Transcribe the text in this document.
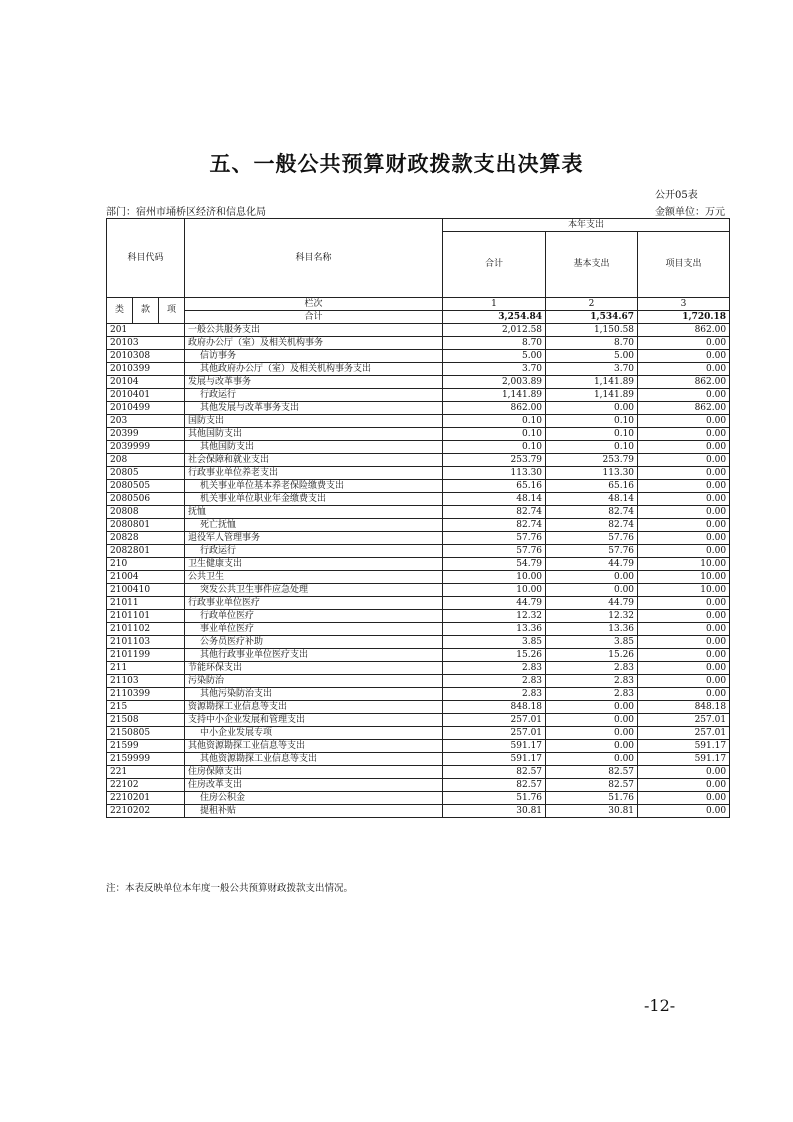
五、一般公共预算财政拨款支出决算表
公开05表
部门：宿州市埇桥区经济和信息化局	金额单位：万元
科目代码			科目名称	本年支出		
				合计	基本支出	项目支出
类	款	项	栏次	1	2	3
			合计	3,254.84	1,534.67	1,720.18
201			一般公共服务支出	2,012.58	1,150.58	862.00
20103			政府办公厅（室）及相关机构事务	8.70	8.70	0.00
2010308			信访事务	5.00	5.00	0.00
2010399			其他政府办公厅（室）及相关机构事务支出	3.70	3.70	0.00
20104			发展与改革事务	2,003.89	1,141.89	862.00
2010401			行政运行	1,141.89	1,141.89	0.00
2010499			其他发展与改革事务支出	862.00	0.00	862.00
203			国防支出	0.10	0.10	0.00
20399			其他国防支出	0.10	0.10	0.00
2039999			其他国防支出	0.10	0.10	0.00
208			社会保障和就业支出	253.79	253.79	0.00
20805			行政事业单位养老支出	113.30	113.30	0.00
2080505			机关事业单位基本养老保险缴费支出	65.16	65.16	0.00
2080506			机关事业单位职业年金缴费支出	48.14	48.14	0.00
20808			抚恤	82.74	82.74	0.00
2080801			死亡抚恤	82.74	82.74	0.00
20828			退役军人管理事务	57.76	57.76	0.00
2082801			行政运行	57.76	57.76	0.00
210			卫生健康支出	54.79	44.79	10.00
21004			公共卫生	10.00	0.00	10.00
2100410			突发公共卫生事件应急处理	10.00	0.00	10.00
21011			行政事业单位医疗	44.79	44.79	0.00
2101101			行政单位医疗	12.32	12.32	0.00
2101102			事业单位医疗	13.36	13.36	0.00
2101103			公务员医疗补助	3.85	3.85	0.00
2101199			其他行政事业单位医疗支出	15.26	15.26	0.00
211			节能环保支出	2.83	2.83	0.00
21103			污染防治	2.83	2.83	0.00
2110399			其他污染防治支出	2.83	2.83	0.00
215			资源勘探工业信息等支出	848.18	0.00	848.18
21508			支持中小企业发展和管理支出	257.01	0.00	257.01
2150805			中小企业发展专项	257.01	0.00	257.01
21599			其他资源勘探工业信息等支出	591.17	0.00	591.17
2159999			其他资源勘探工业信息等支出	591.17	0.00	591.17
221			住房保障支出	82.57	82.57	0.00
22102			住房改革支出	82.57	82.57	0.00
2210201			住房公积金	51.76	51.76	0.00
2210202			提租补贴	30.81	30.81	0.00
注：本表反映单位本年度一般公共预算财政拨款支出情况。
-12-
